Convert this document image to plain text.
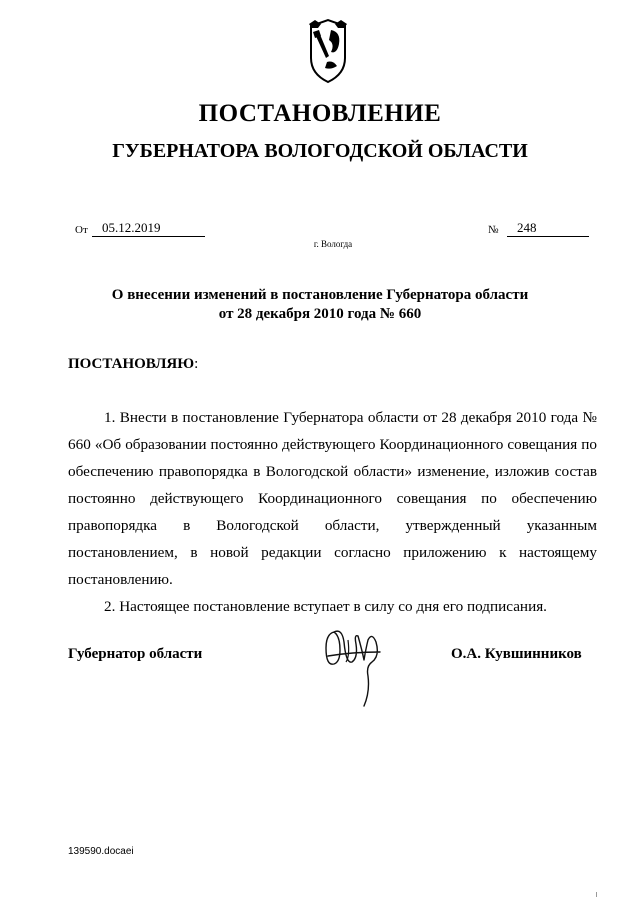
ПОСТАНОВЛЕНИЕ
ГУБЕРНАТОРА ВОЛОГОДСКОЙ ОБЛАСТИ
От	05.12.2019	№	248
г. Вологда
О внесении изменений в постановление Губернатора области
от 28 декабря 2010 года № 660
ПОСТАНОВЛЯЮ:

1. Внести в постановление Губернатора области от 28 декабря 2010 года № 660 «Об образовании постоянно действующего Координационного совещания по обеспечению правопорядка в Вологодской области» изменение, изложив состав постоянно действующего Координационного совещания по обеспечению правопорядка в Вологодской области, утвержденный указанным постановлением, в новой редакции согласно приложению к настоящему постановлению.

2. Настоящее постановление вступает в силу со дня его подписания.

Губернатор области	О.А. Кувшинников
139590.docaei
